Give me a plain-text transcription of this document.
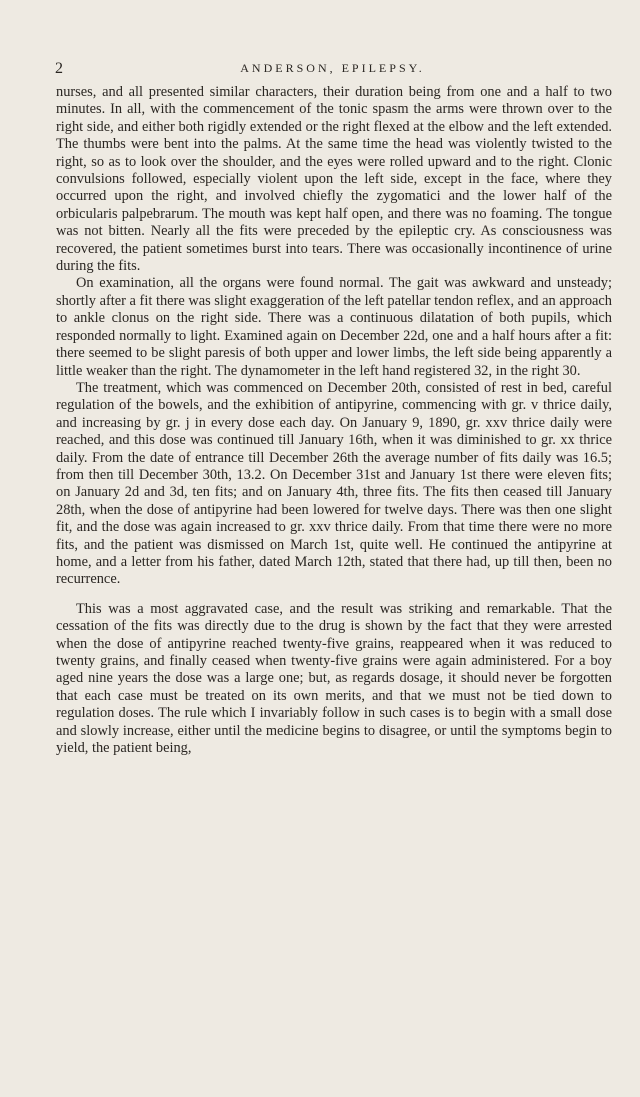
2	ANDERSON, EPILEPSY.

nurses, and all presented similar characters, their duration being from one and a half to two minutes. In all, with the commencement of the tonic spasm the arms were thrown over to the right side, and either both rigidly extended or the right flexed at the elbow and the left extended. The thumbs were bent into the palms. At the same time the head was violently twisted to the right, so as to look over the shoulder, and the eyes were rolled upward and to the right. Clonic convulsions followed, especially violent upon the left side, except in the face, where they occurred upon the right, and involved chiefly the zygomatici and the lower half of the orbicularis palpebrarum. The mouth was kept half open, and there was no foaming. The tongue was not bitten. Nearly all the fits were preceded by the epileptic cry. As consciousness was recovered, the patient sometimes burst into tears. There was occasionally incontinence of urine during the fits.

On examination, all the organs were found normal. The gait was awkward and unsteady; shortly after a fit there was slight exaggeration of the left patellar tendon reflex, and an approach to ankle clonus on the right side. There was a continuous dilatation of both pupils, which responded normally to light. Examined again on December 22d, one and a half hours after a fit: there seemed to be slight paresis of both upper and lower limbs, the left side being apparently a little weaker than the right. The dynamometer in the left hand registered 32, in the right 30.

The treatment, which was commenced on December 20th, consisted of rest in bed, careful regulation of the bowels, and the exhibition of antipyrine, commencing with gr. v thrice daily, and increasing by gr. j in every dose each day. On January 9, 1890, gr. xxv thrice daily were reached, and this dose was continued till January 16th, when it was diminished to gr. xx thrice daily. From the date of entrance till December 26th the average number of fits daily was 16.5; from then till December 30th, 13.2. On December 31st and January 1st there were eleven fits; on January 2d and 3d, ten fits; and on January 4th, three fits. The fits then ceased till January 28th, when the dose of antipyrine had been lowered for twelve days. There was then one slight fit, and the dose was again increased to gr. xxv thrice daily. From that time there were no more fits, and the patient was dismissed on March 1st, quite well. He continued the antipyrine at home, and a letter from his father, dated March 12th, stated that there had, up till then, been no recurrence.

This was a most aggravated case, and the result was striking and remarkable. That the cessation of the fits was directly due to the drug is shown by the fact that they were arrested when the dose of antipyrine reached twenty-five grains, reappeared when it was reduced to twenty grains, and finally ceased when twenty-five grains were again administered. For a boy aged nine years the dose was a large one; but, as regards dosage, it should never be forgotten that each case must be treated on its own merits, and that we must not be tied down to regulation doses. The rule which I invariably follow in such cases is to begin with a small dose and slowly increase, either until the medicine begins to disagree, or until the symptoms begin to yield, the patient being,
